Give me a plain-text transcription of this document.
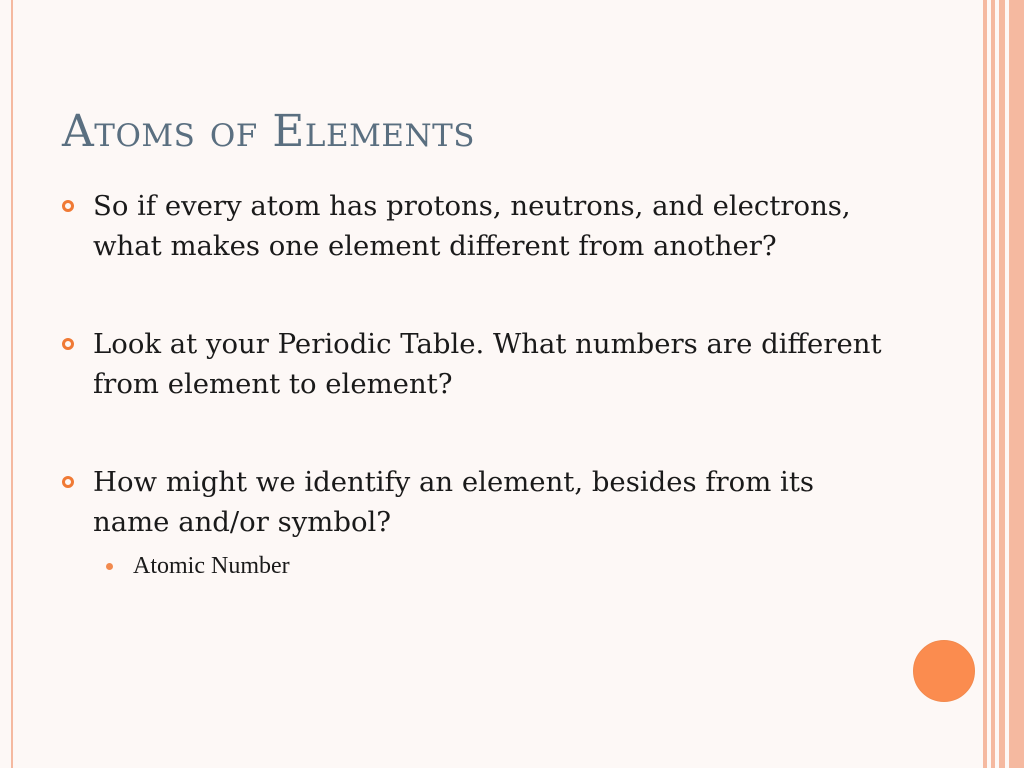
Atoms of Elements
So if every atom has protons, neutrons, and electrons, what makes one element different from another?
Look at your Periodic Table. What numbers are different from element to element?
How might we identify an element, besides from its name and/or symbol?
Atomic Number
